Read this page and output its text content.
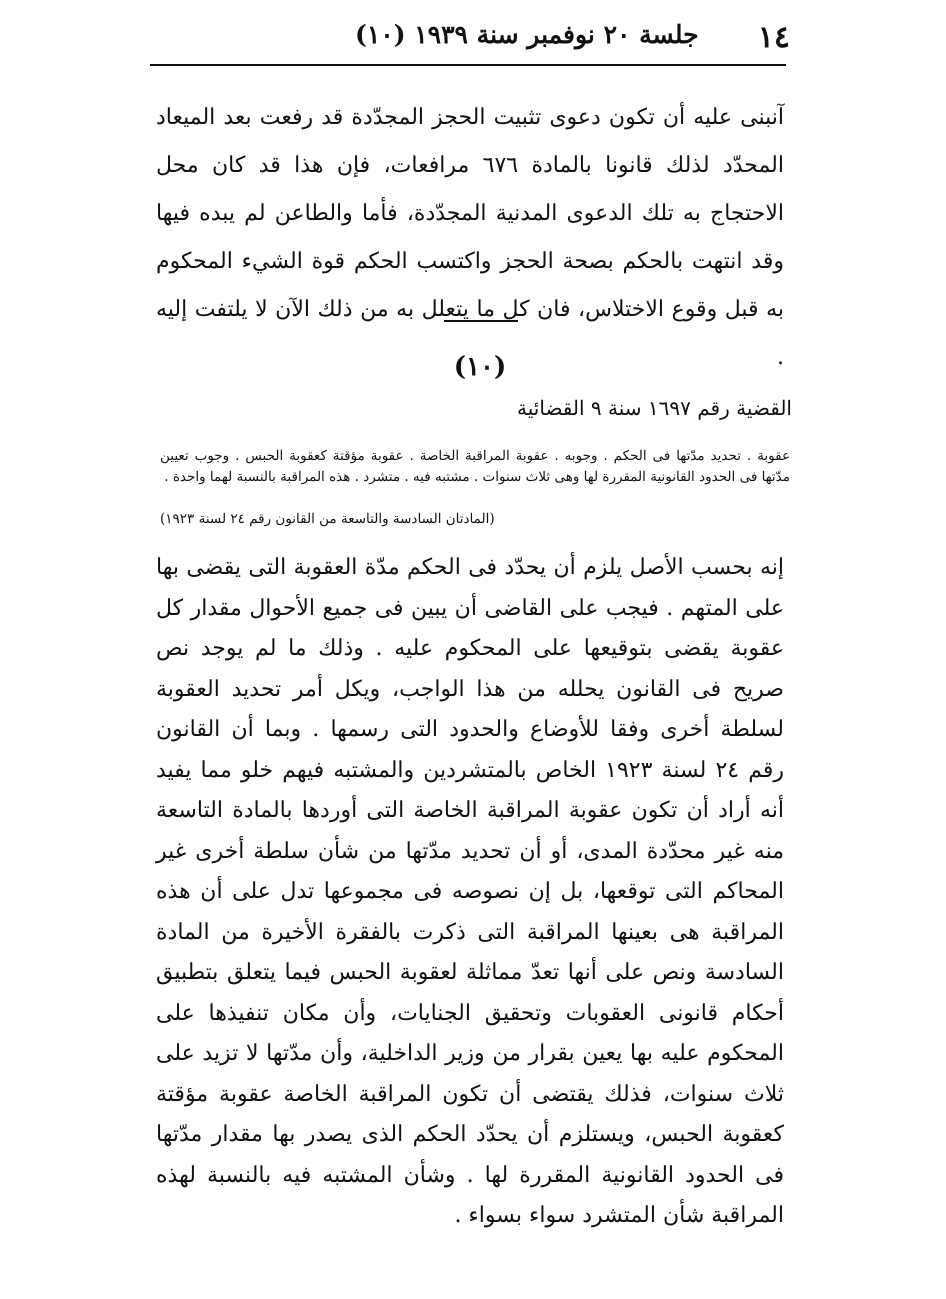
١٤
جلسة ٢٠ نوفمبر سنة ١٩٣٩ (١٠)
آنبنى عليه أن تكون دعوى تثبيت الحجز المجدّدة قد رفعت بعد الميعاد المحدّد لذلك قانونا بالمادة ٦٧٦ مرافعات، فإن هذا قد كان محل الاحتجاج به تلك الدعوى المدنية المجدّدة، فأما والطاعن لم يبده فيها وقد انتهت بالحكم بصحة الحجز واكتسب الحكم قوة الشيء المحكوم به قبل وقوع الاختلاس، فان كل ما يتعلل به من ذلك الآن لا يلتفت إليه .
(١٠)
القضية رقم ١٦٩٧ سنة ٩ القضائية
عقوبة . تحديد مدّتها فى الحكم . وجوبه . عقوبة المراقبة الخاصة . عقوبة مؤقتة كعقوبة الحبس . وجوب تعيين مدّتها فى الحدود القانونية المقررة لها وهى ثلاث سنوات . مشتبه فيه . متشرد . هذه المراقبة بالنسبة لهما واحدة .
(المادتان السادسة والتاسعة من القانون رقم ٢٤ لسنة ١٩٢٣)
إنه بحسب الأصل يلزم أن يحدّد فى الحكم مدّة العقوبة التى يقضى بها على المتهم . فيجب على القاضى أن يبين فى جميع الأحوال مقدار كل عقوبة يقضى بتوقيعها على المحكوم عليه . وذلك ما لم يوجد نص صريح فى القانون يحلله من هذا الواجب، ويكل أمر تحديد العقوبة لسلطة أخرى وفقا للأوضاع والحدود التى رسمها . وبما أن القانون رقم ٢٤ لسنة ١٩٢٣ الخاص بالمتشردين والمشتبه فيهم خلو مما يفيد أنه أراد أن تكون عقوبة المراقبة الخاصة التى أوردها بالمادة التاسعة منه غير محدّدة المدى، أو أن تحديد مدّتها من شأن سلطة أخرى غير المحاكم التى توقعها، بل إن نصوصه فى مجموعها تدل على أن هذه المراقبة هى بعينها المراقبة التى ذكرت بالفقرة الأخيرة من المادة السادسة ونص على أنها تعدّ مماثلة لعقوبة الحبس فيما يتعلق بتطبيق أحكام قانونى العقوبات وتحقيق الجنايات، وأن مكان تنفيذها على المحكوم عليه بها يعين بقرار من وزير الداخلية، وأن مدّتها لا تزيد على ثلاث سنوات، فذلك يقتضى أن تكون المراقبة الخاصة عقوبة مؤقتة كعقوبة الحبس، ويستلزم أن يحدّد الحكم الذى يصدر بها مقدار مدّتها فى الحدود القانونية المقررة لها . وشأن المشتبه فيه بالنسبة لهذه المراقبة شأن المتشرد سواء بسواء .
